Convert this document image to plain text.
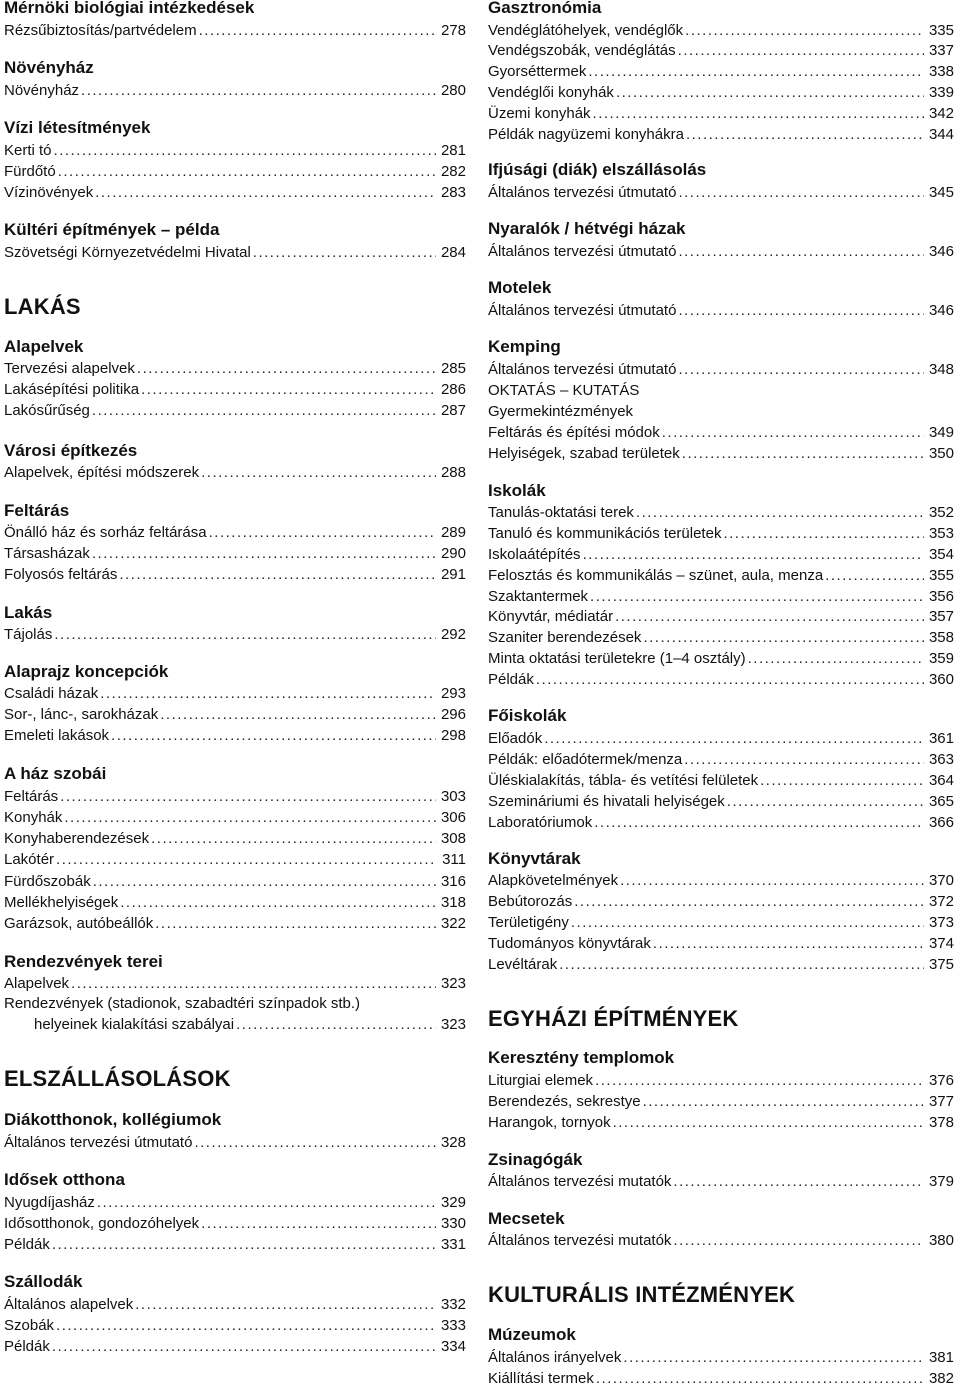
Mérnöki biológiai intézkedések
Rézsűbiztosítás/partvédelem .....	278
Növényház
Növényház .....	280
Vízi létesítmények
Kerti tó .....	281
Fürdőtó .....	282
Vízinövények .....	283
Kültéri építmények – példa
Szövetségi Környezetvédelmi Hivatal .....	284
LAKÁS
Alapelvek
Tervezési alapelvek .....	285
Lakásépítési politika .....	286
Lakósűrűség .....	287
Városi építkezés
Alapelvek, építési módszerek .....	288
Feltárás
Önálló ház és sorház feltárása .....	289
Társasházak .....	290
Folyosós feltárás .....	291
Lakás
Tájolás .....	292
Alaprajz koncepciók
Családi házak .....	293
Sor-, lánc-, sarokházak .....	296
Emeleti lakások .....	298
A ház szobái
Feltárás .....	303
Konyhák .....	306
Konyhaberendezések .....	308
Lakótér .....	311
Fürdőszobák .....	316
Mellékhelyiségek .....	318
Garázsok, autóbeállók .....	322
Rendezvények terei
Alapelvek .....	323
Rendezvények (stadionok, szabadtéri színpadok stb.)
helyeinek kialakítási szabályai .....	323
ELSZÁLLÁSOLÁSOK
Diákotthonok, kollégiumok
Általános tervezési útmutató .....	328
Idősek otthona
Nyugdíjasház .....	329
Idősotthonok, gondozóhelyek .....	330
Példák .....	331
Szállodák
Általános alapelvek .....	332
Szobák .....	333
Példák .....	334
Gasztronómia
Vendéglátóhelyek, vendéglők .....	335
Vendégszobák, vendéglátás .....	337
Gyorséttermek .....	338
Vendéglői konyhák .....	339
Üzemi konyhák .....	342
Példák nagyüzemi konyhákra .....	344
Ifjúsági (diák) elszállásolás
Általános tervezési útmutató .....	345
Nyaralók / hétvégi házak
Általános tervezési útmutató .....	346
Motelek
Általános tervezési útmutató .....	346
Kemping
Általános tervezési útmutató .....	348
OKTATÁS – KUTATÁS
Gyermekintézmények
Feltárás és építési módok .....	349
Helyiségek, szabad területek .....	350
Iskolák
Tanulás-oktatási terek .....	352
Tanuló és kommunikációs területek .....	353
Iskolaátépítés .....	354
Felosztás és kommunikálás – szünet, aula, menza .....	355
Szaktantermek .....	356
Könyvtár, médiatár .....	357
Szaniter berendezések .....	358
Minta oktatási területekre (1–4 osztály) .....	359
Példák .....	360
Főiskolák
Előadók .....	361
Példák: előadótermek/menza .....	363
Üléskialakítás, tábla- és vetítési felületek .....	364
Szemináriumi és hivatali helyiségek .....	365
Laboratóriumok .....	366
Könyvtárak
Alapkövetelmények .....	370
Bebútorozás .....	372
Területigény .....	373
Tudományos könyvtárak .....	374
Levéltárak .....	375
EGYHÁZI ÉPÍTMÉNYEK
Keresztény templomok
Liturgiai elemek .....	376
Berendezés, sekrestye .....	377
Harangok, tornyok .....	378
Zsinagógák
Általános tervezési mutatók .....	379
Mecsetek
Általános tervezési mutatók .....	380
KULTURÁLIS INTÉZMÉNYEK
Múzeumok
Általános irányelvek .....	381
Kiállítási termek .....	382
